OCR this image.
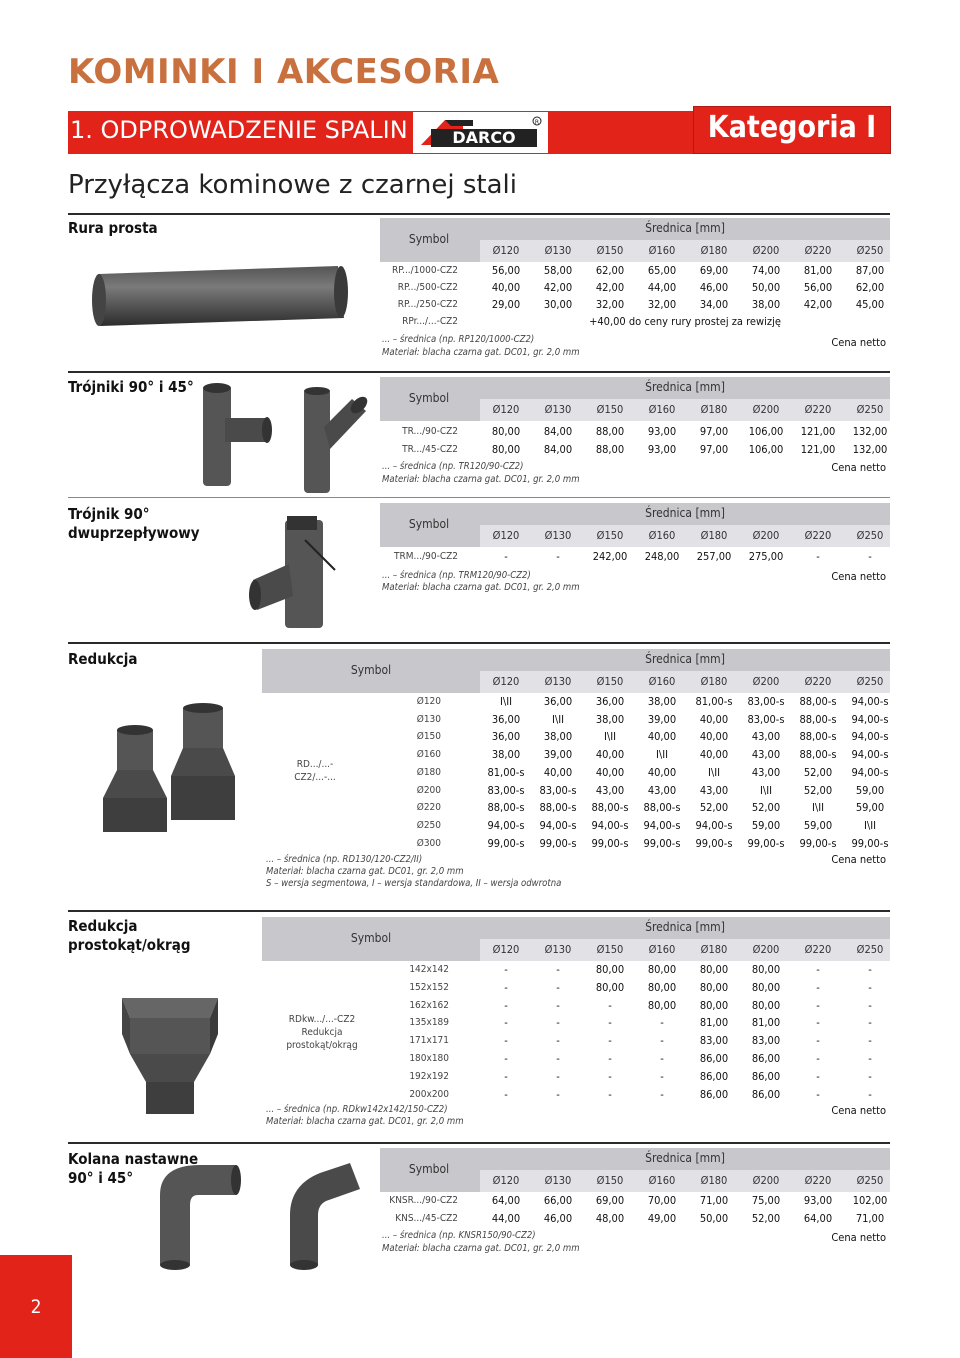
KOMINKI I AKCESORIA
1. ODPROWADZENIE SPALIN	DARCO
R	Kategoria I
Przyłącza kominowe z czarnej stali
Rura prosta
Symbol
Średnica [mm]
Ø120	Ø130	Ø150	Ø160	Ø180	Ø200	Ø220	Ø250
RP.../1000-CZ2	56,00	58,00	62,00	65,00	69,00	74,00	81,00	87,00
RP.../500-CZ2	40,00	42,00	42,00	44,00	46,00	50,00	56,00	62,00
RP.../250-CZ2	29,00	30,00	32,00	32,00	34,00	38,00	42,00	45,00
RPr.../...-CZ2	+40,00 do ceny rury prostej za rewizję
... – średnica (np. RP120/1000-CZ2)
Materiał: blacha czarna gat. DC01, gr. 2,0 mm
Cena netto
Trójniki 90° i 45°
Symbol
Średnica [mm]
Ø120	Ø130	Ø150	Ø160	Ø180	Ø200	Ø220	Ø250
TR.../90-CZ2	80,00	84,00	88,00	93,00	97,00	106,00	121,00	132,00
TR.../45-CZ2	80,00	84,00	88,00	93,00	97,00	106,00	121,00	132,00
... – średnica (np. TR120/90-CZ2)
Materiał: blacha czarna gat. DC01, gr. 2,0 mm
Cena netto
Trójnik 90°
dwuprzepływowy	Symbol
Średnica [mm]
Ø120	Ø130	Ø150	Ø160	Ø180	Ø200	Ø220	Ø250
TRM.../90-CZ2	-	-	242,00	248,00	257,00	275,00	-	-
... – średnica (np. TRM120/90-CZ2)
Materiał: blacha czarna gat. DC01, gr. 2,0 mm
Cena netto
Redukcja
Symbol
Średnica [mm]
Ø120	Ø130	Ø150	Ø160	Ø180	Ø200	Ø220	Ø250
Ø120	I\II	36,00	36,00	38,00	81,00-s	83,00-s	88,00-s	94,00-s
Ø130	36,00	I\II	38,00	39,00	40,00	83,00-s	88,00-s	94,00-s
Ø150	36,00	38,00	I\II	40,00	40,00	43,00	88,00-s	94,00-s
Ø160	38,00	39,00	40,00	I\II	40,00	43,00	88,00-s	94,00-s
Ø180	81,00-s	40,00	40,00	40,00	I\II	43,00	52,00	94,00-s
Ø200	83,00-s	83,00-s	43,00	43,00	43,00	I\II	52,00	59,00
Ø220	88,00-s	88,00-s	88,00-s	88,00-s	52,00	52,00	I\II	59,00
Ø250	94,00-s	94,00-s	94,00-s	94,00-s	94,00-s	59,00	59,00	I\II
Ø300	99,00-s	99,00-s	99,00-s	99,00-s	99,00-s	99,00-s	99,00-s	99,00-s
RD.../...-
CZ2/...-...
... – średnica (np. RD130/120-CZ2/II)
Materiał: blacha czarna gat. DC01, gr. 2,0 mm
S – wersja segmentowa, I – wersja standardowa, II – wersja odwrotna
Cena netto
Redukcja
prostokąt/okrąg	Symbol
Średnica [mm]
Ø120	Ø130	Ø150	Ø160	Ø180	Ø200	Ø220	Ø250
142x142	-	-	80,00	80,00	80,00	80,00	-	-
152x152	-	-	80,00	80,00	80,00	80,00	-	-
162x162	-	-	-	80,00	80,00	80,00	-	-
135x189	-	-	-	-	81,00	81,00	-	-
171x171	-	-	-	-	83,00	83,00	-	-
180x180	-	-	-	-	86,00	86,00	-	-
192x192	-	-	-	-	86,00	86,00	-	-
200x200	-	-	-	-	86,00	86,00	-	-
RDkw.../...-CZ2
Redukcja
prostokąt/okrąg
... – średnica (np. RDkw142x142/150-CZ2)
Materiał: blacha czarna gat. DC01, gr. 2,0 mm
Cena netto
Kolana nastawne
90° i 45°	Symbol
Średnica [mm]
Ø120	Ø130	Ø150	Ø160	Ø180	Ø200	Ø220	Ø250
KNSR.../90-CZ2	64,00	66,00	69,00	70,00	71,00	75,00	93,00	102,00
KNS.../45-CZ2	44,00	46,00	48,00	49,00	50,00	52,00	64,00	71,00
... – średnica (np. KNSR150/90-CZ2)
Materiał: blacha czarna gat. DC01, gr. 2,0 mm
Cena netto
2
